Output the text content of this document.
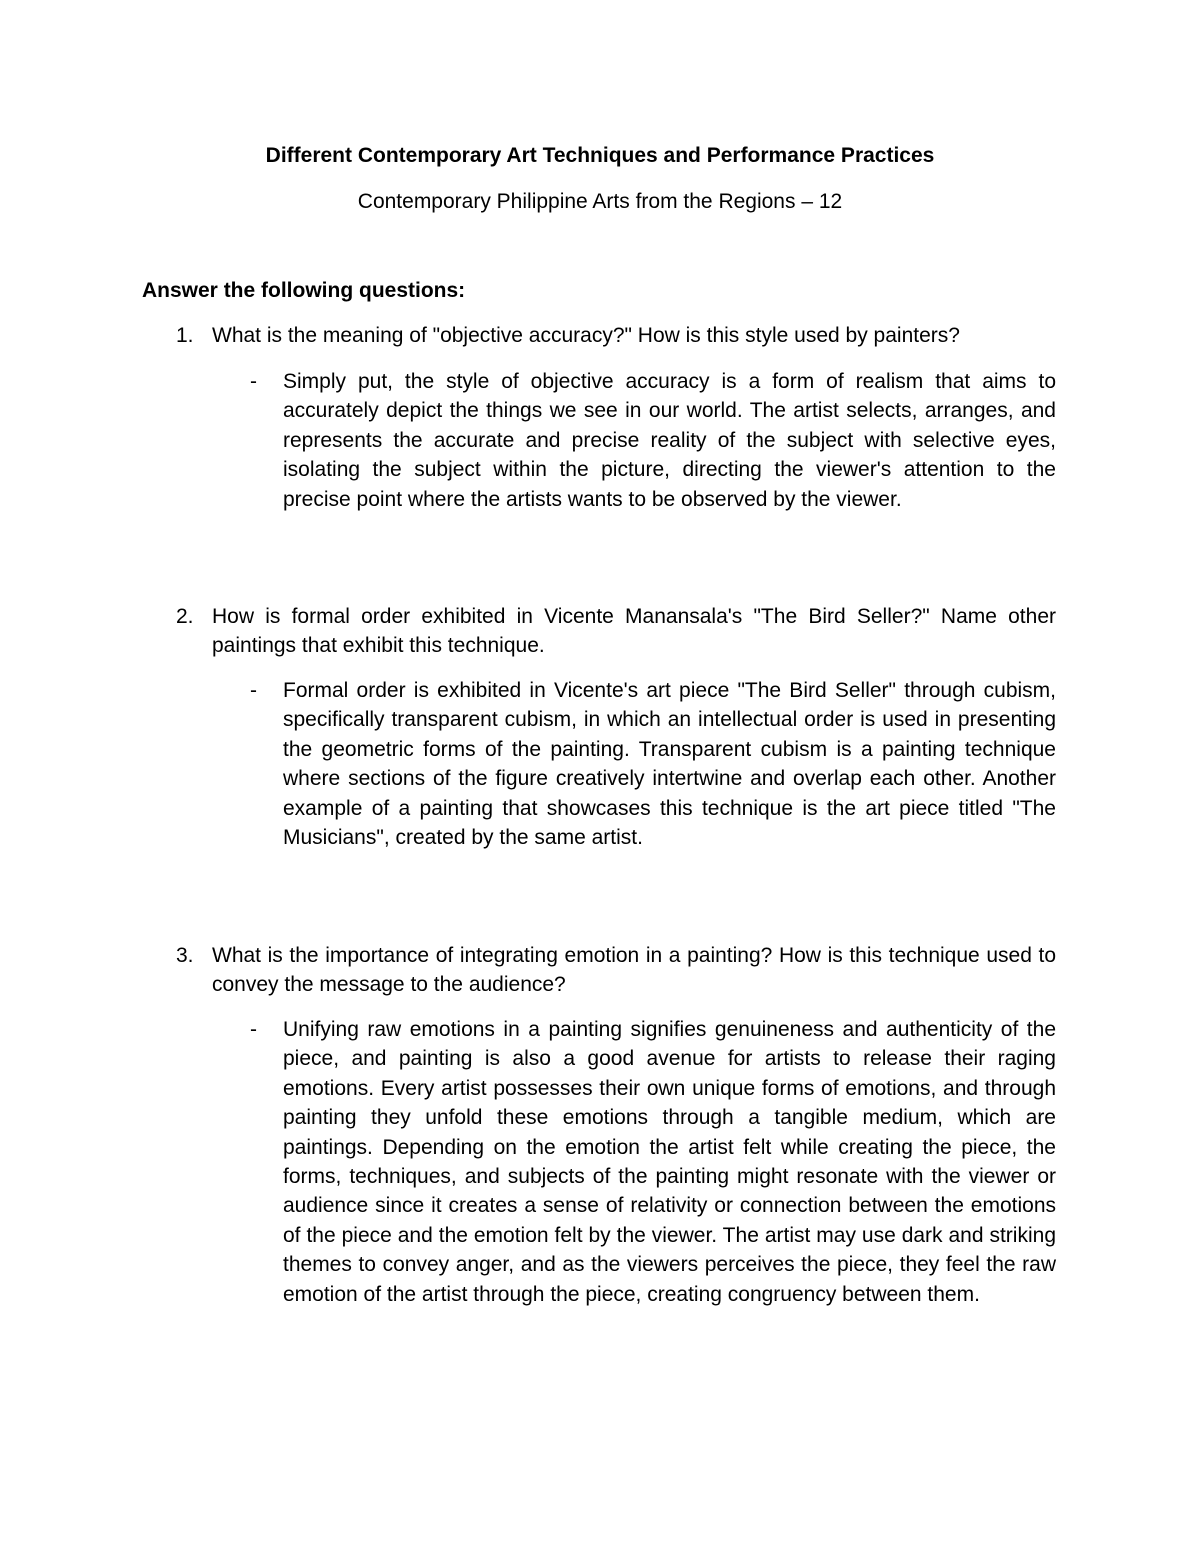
Different Contemporary Art Techniques and Performance Practices
Contemporary Philippine Arts from the Regions – 12
Answer the following questions:
1. What is the meaning of "objective accuracy?" How is this style used by painters?
-	Simply put, the style of objective accuracy is a form of realism that aims to accurately depict the things we see in our world. The artist selects, arranges, and represents the accurate and precise reality of the subject with selective eyes, isolating the subject within the picture, directing the viewer's attention to the precise point where the artists wants to be observed by the viewer.
2. How is formal order exhibited in Vicente Manansala's "The Bird Seller?" Name other paintings that exhibit this technique.
-	Formal order is exhibited in Vicente's art piece "The Bird Seller" through cubism, specifically transparent cubism, in which an intellectual order is used in presenting the geometric forms of the painting. Transparent cubism is a painting technique where sections of the figure creatively intertwine and overlap each other. Another example of a painting that showcases this technique is the art piece titled "The Musicians", created by the same artist.
3. What is the importance of integrating emotion in a painting? How is this technique used to convey the message to the audience?
-	Unifying raw emotions in a painting signifies genuineness and authenticity of the piece, and painting is also a good avenue for artists to release their raging emotions. Every artist possesses their own unique forms of emotions, and through painting they unfold these emotions through a tangible medium, which are paintings. Depending on the emotion the artist felt while creating the piece, the forms, techniques, and subjects of the painting might resonate with the viewer or audience since it creates a sense of relativity or connection between the emotions of the piece and the emotion felt by the viewer. The artist may use dark and striking themes to convey anger, and as the viewers perceives the piece, they feel the raw emotion of the artist through the piece, creating congruency between them.
